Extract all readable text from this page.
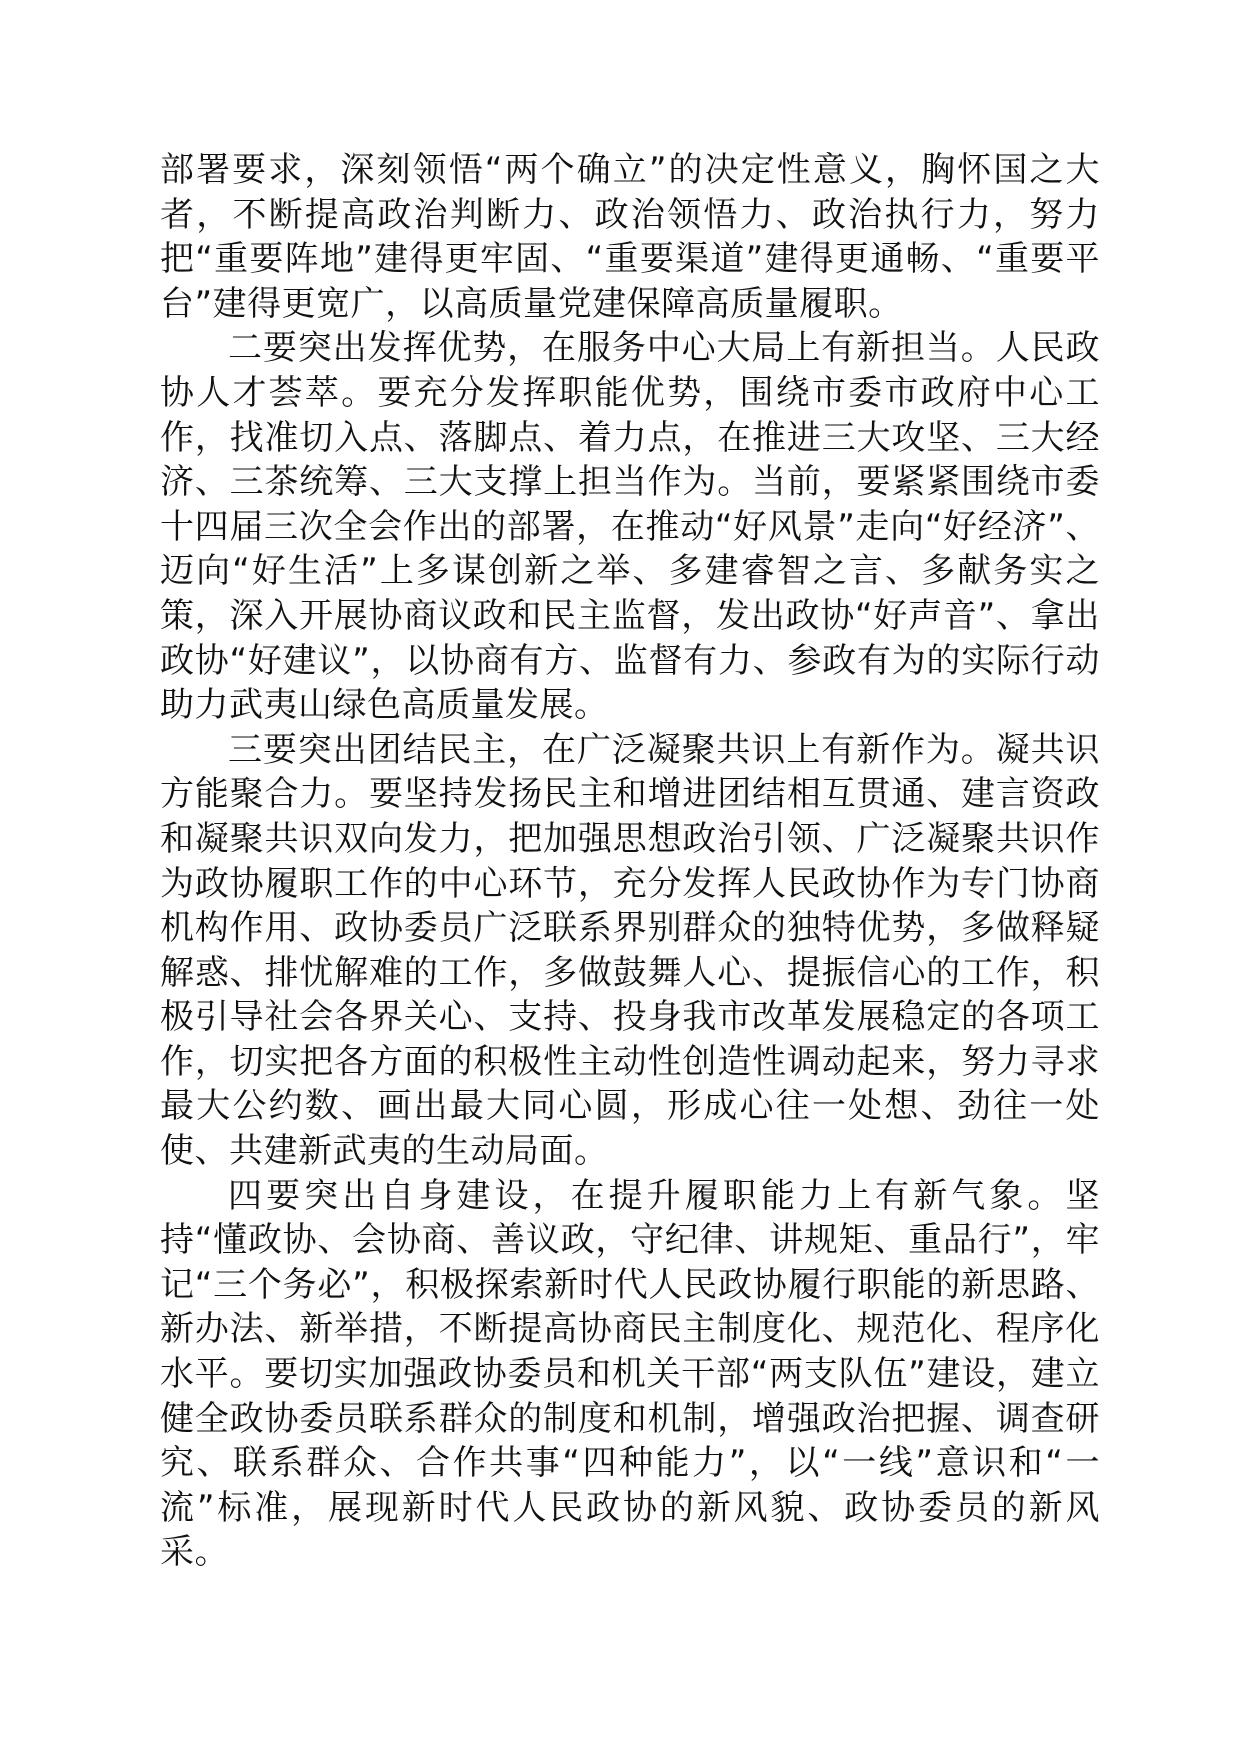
部署要求，深刻领悟“两个确立”的决定性意义，胸怀国之大者，不断提高政治判断力、政治领悟力、政治执行力，努力把“重要阵地”建得更牢固、“重要渠道”建得更通畅、“重要平台”建得更宽广，以高质量党建保障高质量履职。

二要突出发挥优势，在服务中心大局上有新担当。人民政协人才荟萃。要充分发挥职能优势，围绕市委市政府中心工作，找准切入点、落脚点、着力点，在推进三大攻坚、三大经济、三茶统筹、三大支撑上担当作为。当前，要紧紧围绕市委十四届三次全会作出的部署，在推动“好风景”走向“好经济”、迈向“好生活”上多谋创新之举、多建睿智之言、多献务实之策，深入开展协商议政和民主监督，发出政协“好声音”、拿出政协“好建议”，以协商有方、监督有力、参政有为的实际行动助力武夷山绿色高质量发展。

三要突出团结民主，在广泛凝聚共识上有新作为。凝共识方能聚合力。要坚持发扬民主和增进团结相互贯通、建言资政和凝聚共识双向发力，把加强思想政治引领、广泛凝聚共识作为政协履职工作的中心环节，充分发挥人民政协作为专门协商机构作用、政协委员广泛联系界别群众的独特优势，多做释疑解惑、排忧解难的工作，多做鼓舞人心、提振信心的工作，积极引导社会各界关心、支持、投身我市改革发展稳定的各项工作，切实把各方面的积极性主动性创造性调动起来，努力寻求最大公约数、画出最大同心圆，形成心往一处想、劲往一处使、共建新武夷的生动局面。

四要突出自身建设，在提升履职能力上有新气象。坚持“懂政协、会协商、善议政，守纪律、讲规矩、重品行”，牢记“三个务必”，积极探索新时代人民政协履行职能的新思路、新办法、新举措，不断提高协商民主制度化、规范化、程序化水平。要切实加强政协委员和机关干部“两支队伍”建设，建立健全政协委员联系群众的制度和机制，增强政治把握、调查研究、联系群众、合作共事“四种能力”，以“一线”意识和“一流”标准，展现新时代人民政协的新风貌、政协委员的新风采。
